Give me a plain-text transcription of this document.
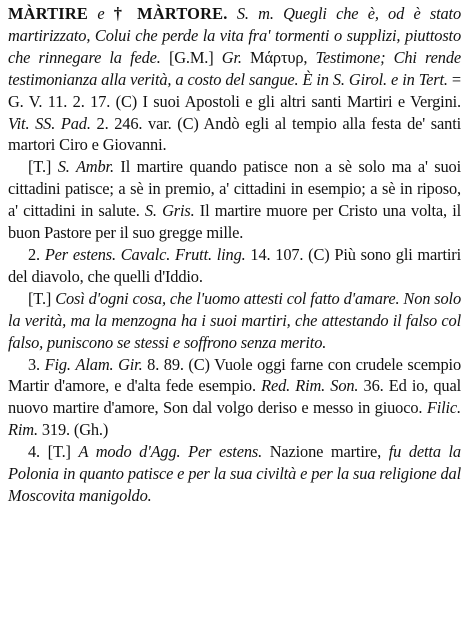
MÀRTIRE e † MÀRTORE. S. m. Quegli che è, od è stato martirizzato, Colui che perde la vita fra' tormenti o supplizi, piuttosto che rinnegare la fede. [G.M.] Gr. Μάρτυρ, Testimone; Chi rende testimonianza alla verità, a costo del sangue. È in S. Girol. e in Tert. = G. V. 11. 2. 17. (C) I suoi Apostoli e gli altri santi Martiri e Vergini. Vit. SS. Pad. 2. 246. var. (C) Andò egli al tempio alla festa de' santi martori Ciro e Giovanni.

[T.] S. Ambr. Il martire quando patisce non a sè solo ma a' suoi cittadini patisce; a sè in premio, a' cittadini in esempio; a sè in riposo, a' cittadini in salute. S. Gris. Il martire muore per Cristo una volta, il buon Pastore per il suo gregge mille.

2. Per estens. Cavalc. Frutt. ling. 14. 107. (C) Più sono gli martiri del diavolo, che quelli d'Iddio.

[T.] Così d'ogni cosa, che l'uomo attesti col fatto d'amare. Non solo la verità, ma la menzogna ha i suoi martiri, che attestando il falso col falso, puniscono se stessi e soffrono senza merito.

3. Fig. Alam. Gir. 8. 89. (C) Vuole oggi farne con crudele scempio Martir d'amore, e d'alta fede esempio. Red. Rim. Son. 36. Ed io, qual nuovo martire d'amore, Son dal volgo deriso e messo in giuoco. Filic. Rim. 319. (Gh.)

4. [T.] A modo d'Agg. Per estens. Nazione martire, fu detta la Polonia in quanto patisce e per la sua civiltà e per la sua religione dal Moscovita manigoldo.
